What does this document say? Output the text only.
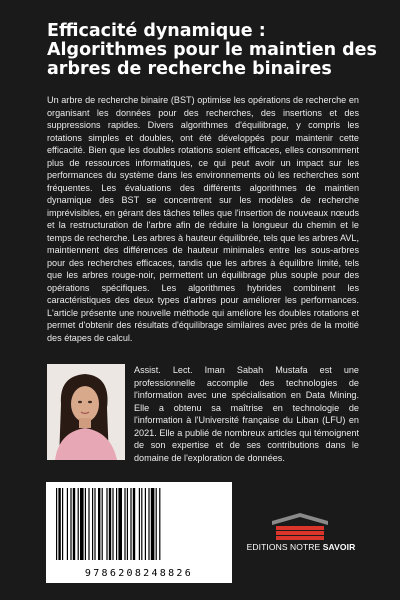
Efficacité dynamique : Algorithmes pour le maintien des arbres de recherche binaires

Un arbre de recherche binaire (BST) optimise les opérations de recherche en organisant les données pour des recherches, des insertions et des suppressions rapides. Divers algorithmes d'équilibrage, y compris les rotations simples et doubles, ont été développés pour maintenir cette efficacité. Bien que les doubles rotations soient efficaces, elles consomment plus de ressources informatiques, ce qui peut avoir un impact sur les performances du système dans les environnements où les recherches sont fréquentes. Les évaluations des différents algorithmes de maintien dynamique des BST se concentrent sur les modèles de recherche imprévisibles, en gérant des tâches telles que l'insertion de nouveaux nœuds et la restructuration de l'arbre afin de réduire la longueur du chemin et le temps de recherche. Les arbres à hauteur équilibrée, tels que les arbres AVL, maintiennent des différences de hauteur minimales entre les sous-arbres pour des recherches efficaces, tandis que les arbres à équilibre limité, tels que les arbres rouge-noir, permettent un équilibrage plus souple pour des opérations spécifiques. Les algorithmes hybrides combinent les caractéristiques des deux types d'arbres pour améliorer les performances. L'article présente une nouvelle méthode qui améliore les doubles rotations et permet d'obtenir des résultats d'équilibrage similaires avec près de la moitié des étapes de calcul.

Assist. Lect. Iman Sabah Mustafa est une professionnelle accomplie des technologies de l'information avec une spécialisation en Data Mining. Elle a obtenu sa maîtrise en technologie de l'information à l'Université française du Liban (LFU) en 2021. Elle a publié de nombreux articles qui témoignent de son expertise et de ses contributions dans le domaine de l'exploration de données.

9786208248826
EDITIONS NOTRE SAVOIR
